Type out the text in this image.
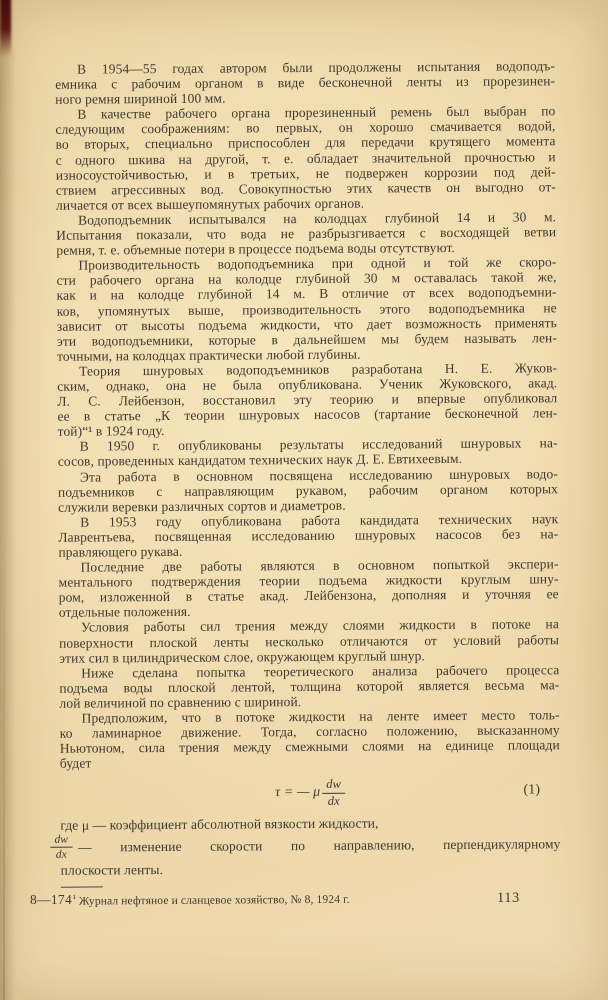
В 1954—55 годах автором были продолжены испытания водоподъ-
емника с рабочим органом в виде бесконечной ленты из прорезинен-
ного ремня шириной 100 мм.
В качестве рабочего органа прорезиненный ремень был выбран по
следующим соображениям: во первых, он хорошо смачивается водой,
во вторых, специально приспособлен для передачи крутящего момента
с одного шкива на другой, т. е. обладает значительной прочностью и
износоустойчивостью, и в третьих, не подвержен коррозии под дей-
ствием агрессивных вод. Совокупностью этих качеств он выгодно от-
личается от всех вышеупомянутых рабочих органов.
Водоподъемник испытывался на колодцах глубиной 14 и 30 м.
Испытания показали, что вода не разбрызгивается с восходящей ветви
ремня, т. е. объемные потери в процессе подъема воды отсутствуют.
Производительность водоподъемника при одной и той же скоро-
сти рабочего органа на колодце глубиной 30 м оставалась такой же,
как и на колодце глубиной 14 м. В отличие от всех водоподъемни-
ков, упомянутых выше, производительность этого водоподъемника не
зависит от высоты подъема жидкости, что дает возможность применять
эти водоподъемники, которые в дальнейшем мы будем называть лен-
точными, на колодцах практически любой глубины.
Теория шнуровых водоподъемников разработана Н. Е. Жуков-
ским, однако, она не была опубликована. Ученик Жуковского, акад.
Л. С. Лейбензон, восстановил эту теорию и впервые опубликовал
ее в статье „К теории шнуровых насосов (тартание бесконечной лен-
той)“¹ в 1924 году.
В 1950 г. опубликованы результаты исследований шнуровых на-
сосов, проведенных кандидатом технических наук Д. Е. Евтихеевым.
Эта работа в основном посвящена исследованию шнуровых водо-
подъемников с направляющим рукавом, рабочим органом которых
служили веревки различных сортов и диаметров.
В 1953 году опубликована работа кандидата технических наук
Лаврентьева, посвященная исследованию шнуровых насосов без на-
правляющего рукава.
Последние две работы являются в основном попыткой экспери-
ментального подтверждения теории подъема жидкости круглым шну-
ром, изложенной в статье акад. Лейбензона, дополняя и уточняя ее
отдельные положения.
Условия работы сил трения между слоями жидкости в потоке на
поверхности плоской ленты несколько отличаются от условий работы
этих сил в цилиндрическом слое, окружающем круглый шнур.
Ниже сделана попытка теоретического анализа рабочего процесса
подъема воды плоской лентой, толщина которой является весьма ма-
лой величиной по сравнению с шириной.
Предположим, что в потоке жидкости на ленте имеет место толь-
ко ламинарное движение. Тогда, согласно положению, высказанному
Ньютоном, сила трения между смежными слоями на единице площади
будет
τ = — μ $\frac{dw}{dx}$	(1)
где μ — коэффициент абсолютной вязкости жидкости,
$\frac{dw}{dx}$ — изменение скорости по направлению, перпендикулярному
плоскости ленты.
¹ Журнал нефтяное и сланцевое хозяйство, № 8, 1924 г.
8—174	113
